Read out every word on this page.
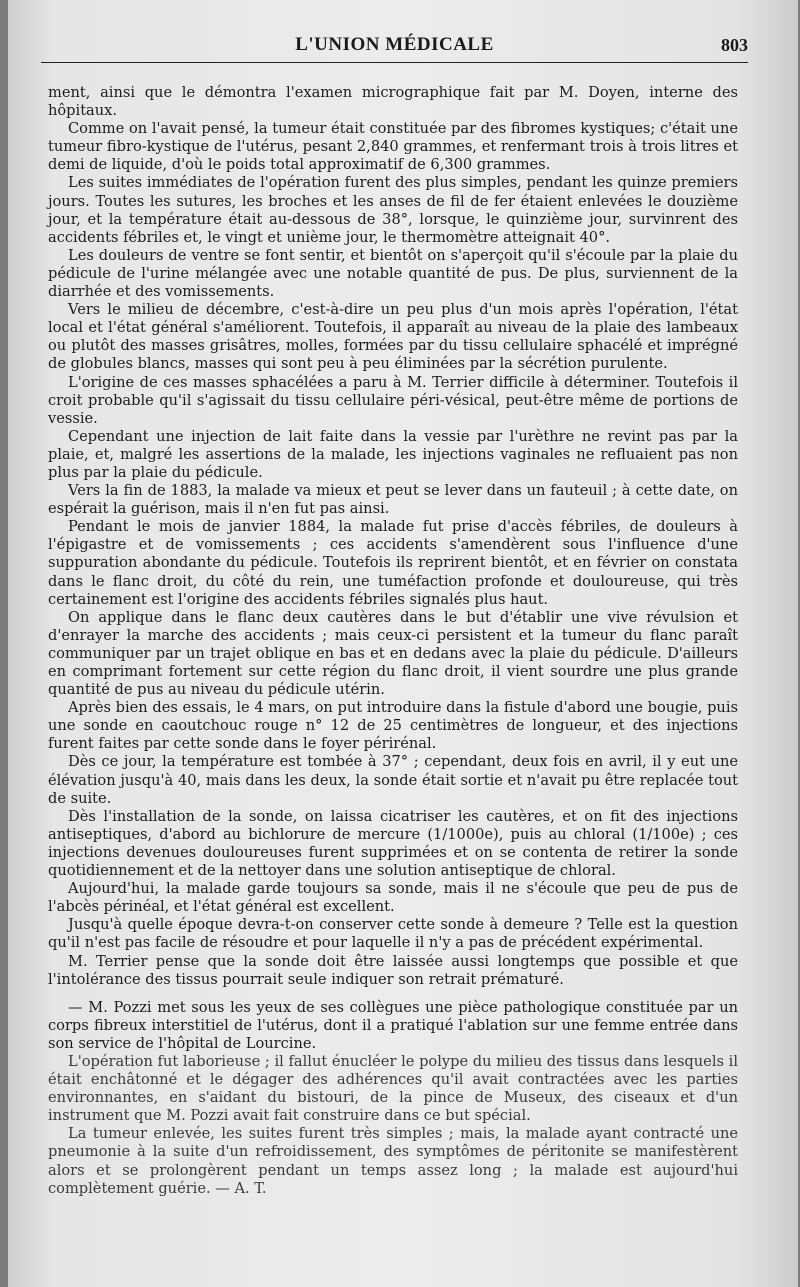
L'UNION MÉDICALE	803

ment, ainsi que le démontra l'examen micrographique fait par M. Doyen, interne des hôpitaux.

Comme on l'avait pensé, la tumeur était constituée par des fibromes kystiques; c'était une tumeur fibro-kystique de l'utérus, pesant 2,840 grammes, et renfermant trois à trois litres et demi de liquide, d'où le poids total approximatif de 6,300 grammes.

Les suites immédiates de l'opération furent des plus simples, pendant les quinze premiers jours. Toutes les sutures, les broches et les anses de fil de fer étaient enlevées le douzième jour, et la température était au-dessous de 38°, lorsque, le quinzième jour, survinrent des accidents fébriles et, le vingt et unième jour, le thermomètre atteignait 40°.

Les douleurs de ventre se font sentir, et bientôt on s'aperçoit qu'il s'écoule par la plaie du pédicule de l'urine mélangée avec une notable quantité de pus. De plus, surviennent de la diarrhée et des vomissements.

Vers le milieu de décembre, c'est-à-dire un peu plus d'un mois après l'opération, l'état local et l'état général s'améliorent. Toutefois, il apparaît au niveau de la plaie des lambeaux ou plutôt des masses grisâtres, molles, formées par du tissu cellulaire sphacélé et imprégné de globules blancs, masses qui sont peu à peu éliminées par la sécrétion purulente.

L'origine de ces masses sphacélées a paru à M. Terrier difficile à déterminer. Toutefois il croit probable qu'il s'agissait du tissu cellulaire péri-vésical, peut-être même de portions de vessie.

Cependant une injection de lait faite dans la vessie par l'urèthre ne revint pas par la plaie, et, malgré les assertions de la malade, les injections vaginales ne refluaient pas non plus par la plaie du pédicule.

Vers la fin de 1883, la malade va mieux et peut se lever dans un fauteuil ; à cette date, on espérait la guérison, mais il n'en fut pas ainsi.

Pendant le mois de janvier 1884, la malade fut prise d'accès fébriles, de douleurs à l'épigastre et de vomissements ; ces accidents s'amendèrent sous l'influence d'une suppuration abondante du pédicule. Toutefois ils reprirent bientôt, et en février on constata dans le flanc droit, du côté du rein, une tuméfaction profonde et douloureuse, qui très certainement est l'origine des accidents fébriles signalés plus haut.

On applique dans le flanc deux cautères dans le but d'établir une vive révulsion et d'enrayer la marche des accidents ; mais ceux-ci persistent et la tumeur du flanc paraît communiquer par un trajet oblique en bas et en dedans avec la plaie du pédicule. D'ailleurs en comprimant fortement sur cette région du flanc droit, il vient sourdre une plus grande quantité de pus au niveau du pédicule utérin.

Après bien des essais, le 4 mars, on put introduire dans la fistule d'abord une bougie, puis une sonde en caoutchouc rouge n° 12 de 25 centimètres de longueur, et des injections furent faites par cette sonde dans le foyer périrénal.

Dès ce jour, la température est tombée à 37° ; cependant, deux fois en avril, il y eut une élévation jusqu'à 40, mais dans les deux, la sonde était sortie et n'avait pu être replacée tout de suite.

Dès l'installation de la sonde, on laissa cicatriser les cautères, et on fit des injections antiseptiques, d'abord au bichlorure de mercure (1/1000e), puis au chloral (1/100e) ; ces injections devenues douloureuses furent supprimées et on se contenta de retirer la sonde quotidiennement et de la nettoyer dans une solution antiseptique de chloral.

Aujourd'hui, la malade garde toujours sa sonde, mais il ne s'écoule que peu de pus de l'abcès périnéal, et l'état général est excellent.

Jusqu'à quelle époque devra-t-on conserver cette sonde à demeure ? Telle est la question qu'il n'est pas facile de résoudre et pour laquelle il n'y a pas de précédent expérimental.

M. Terrier pense que la sonde doit être laissée aussi longtemps que possible et que l'intolérance des tissus pourrait seule indiquer son retrait prématuré.

— M. Pozzi met sous les yeux de ses collègues une pièce pathologique constituée par un corps fibreux interstitiel de l'utérus, dont il a pratiqué l'ablation sur une femme entrée dans son service de l'hôpital de Lourcine.

L'opération fut laborieuse ; il fallut énucléer le polype du milieu des tissus dans lesquels il était enchâtonné et le dégager des adhérences qu'il avait contractées avec les parties environnantes, en s'aidant du bistouri, de la pince de Museux, des ciseaux et d'un instrument que M. Pozzi avait fait construire dans ce but spécial.

La tumeur enlevée, les suites furent très simples ; mais, la malade ayant contracté une pneumonie à la suite d'un refroidissement, des symptômes de péritonite se manifestèrent alors et se prolongèrent pendant un temps assez long ; la malade est aujourd'hui complètement guérie. — A. T.
